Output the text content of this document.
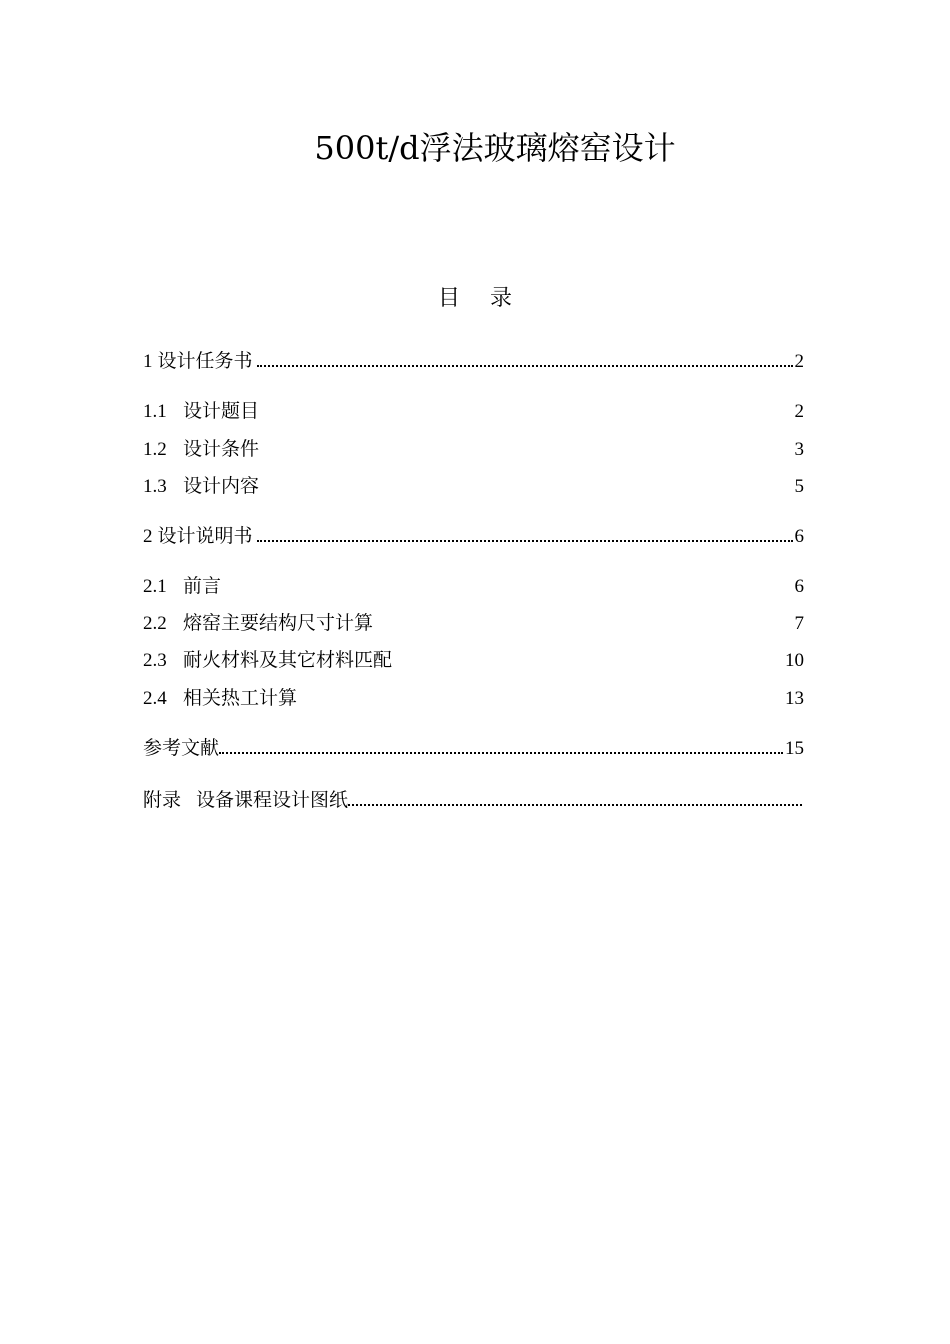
500t/d浮法玻璃熔窑设计
目录
1 设计任务书	2
1.1 设计题目	2
1.2 设计条件	3
1.3 设计内容	5
2 设计说明书	6
2.1 前言	6
2.2 熔窑主要结构尺寸计算	7
2.3 耐火材料及其它材料匹配	10
2.4 相关热工计算	13
参考文献	15
附录 设备课程设计图纸
